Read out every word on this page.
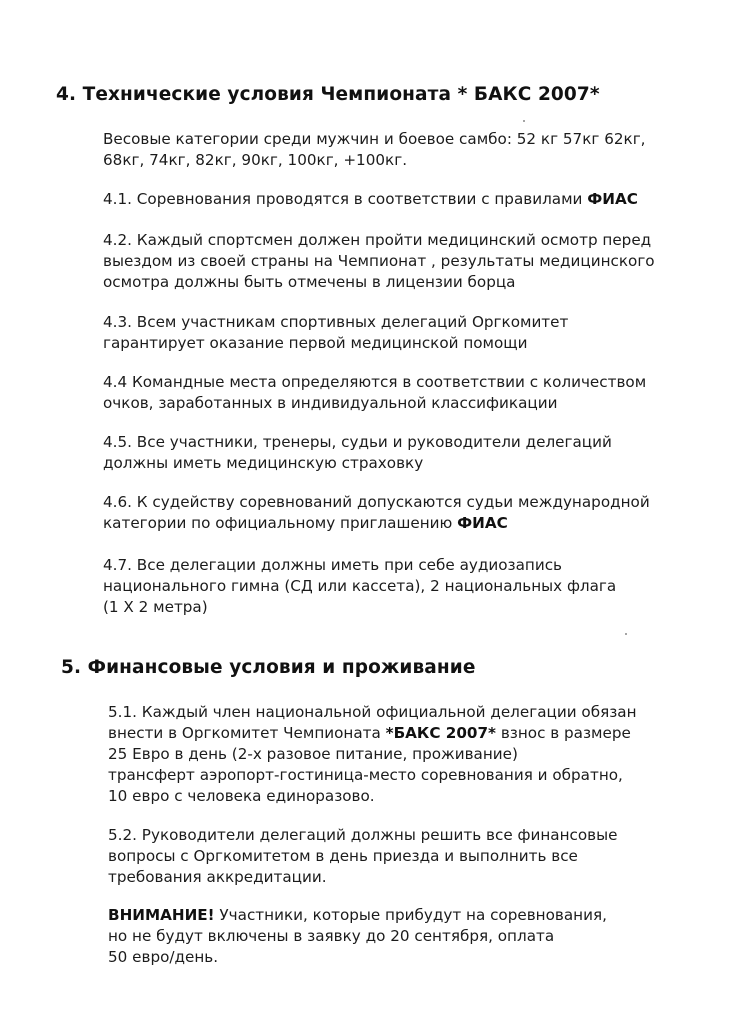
4. Технические условия Чемпионата * БАКС 2007*
Весовые категории среди мужчин и боевое самбо: 52 кг 57кг 62кг,
68кг, 74кг, 82кг, 90кг, 100кг, +100кг.
4.1. Соревнования проводятся в соответствии с правилами ФИАС
4.2. Каждый спортсмен должен пройти медицинский осмотр перед
выездом из своей страны на Чемпионат , результаты медицинского
осмотра должны быть отмечены в лицензии борца
4.3. Всем участникам спортивных делегаций Оргкомитет
гарантирует оказание первой медицинской помощи
4.4 Командные места определяются в соответствии с количеством
очков, заработанных в индивидуальной классификации
4.5. Все участники, тренеры, судьи и руководители делегаций
должны иметь медицинскую страховку
4.6. К судейству соревнований допускаются судьи международной
категории по официальному приглашению ФИАС
4.7. Все делегации должны иметь при себе аудиозапись
национального гимна (СД или кассета), 2 национальных флага
(1 Х 2 метра)
5. Финансовые условия и проживание
5.1. Каждый член национальной официальной делегации обязан
внести в Оргкомитет Чемпионата *БАКС 2007* взнос в размере
25 Евро в день (2-х разовое питание, проживание)
трансферт аэропорт-гостиница-место соревнования и обратно,
10 евро с человека единоразово.
5.2. Руководители делегаций должны решить все финансовые
вопросы с Оргкомитетом в день приезда и выполнить все
требования аккредитации.
ВНИМАНИЕ! Участники, которые прибудут на соревнования,
но не будут включены в заявку до 20 сентября, оплата
50 евро/день.
